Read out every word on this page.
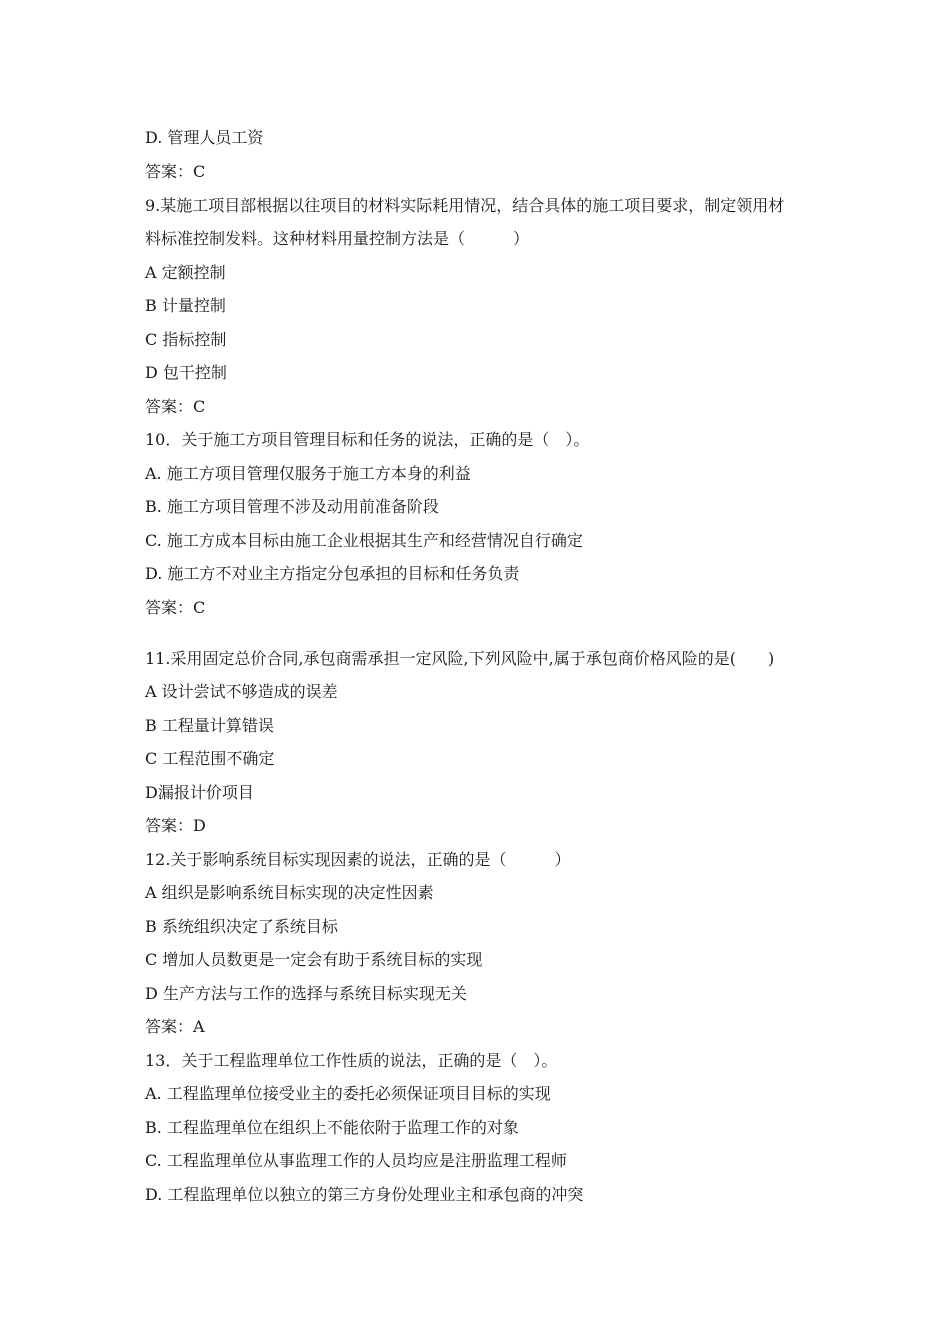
D. 管理人员工资
答案：C
9.某施工项目部根据以往项目的材料实际耗用情况，结合具体的施工项目要求，制定领用材
料标准控制发料。这种材料用量控制方法是（　　　）
A 定额控制
B 计量控制
C 指标控制
D 包干控制
答案：C
10．关于施工方项目管理目标和任务的说法，正确的是（　）。
A. 施工方项目管理仅服务于施工方本身的利益
B. 施工方项目管理不涉及动用前准备阶段
C. 施工方成本目标由施工企业根据其生产和经营情况自行确定
D. 施工方不对业主方指定分包承担的目标和任务负责
答案：C
11.采用固定总价合同,承包商需承担一定风险,下列风险中,属于承包商价格风险的是(　　)
A 设计尝试不够造成的误差
B 工程量计算错误
C 工程范围不确定
D漏报计价项目
答案：D
12.关于影响系统目标实现因素的说法，正确的是（　　　）
A 组织是影响系统目标实现的决定性因素
B 系统组织决定了系统目标
C 增加人员数更是一定会有助于系统目标的实现
D 生产方法与工作的选择与系统目标实现无关
答案：A
13．关于工程监理单位工作性质的说法，正确的是（　）。
A. 工程监理单位接受业主的委托必须保证项目目标的实现
B. 工程监理单位在组织上不能依附于监理工作的对象
C. 工程监理单位从事监理工作的人员均应是注册监理工程师
D. 工程监理单位以独立的第三方身份处理业主和承包商的冲突
